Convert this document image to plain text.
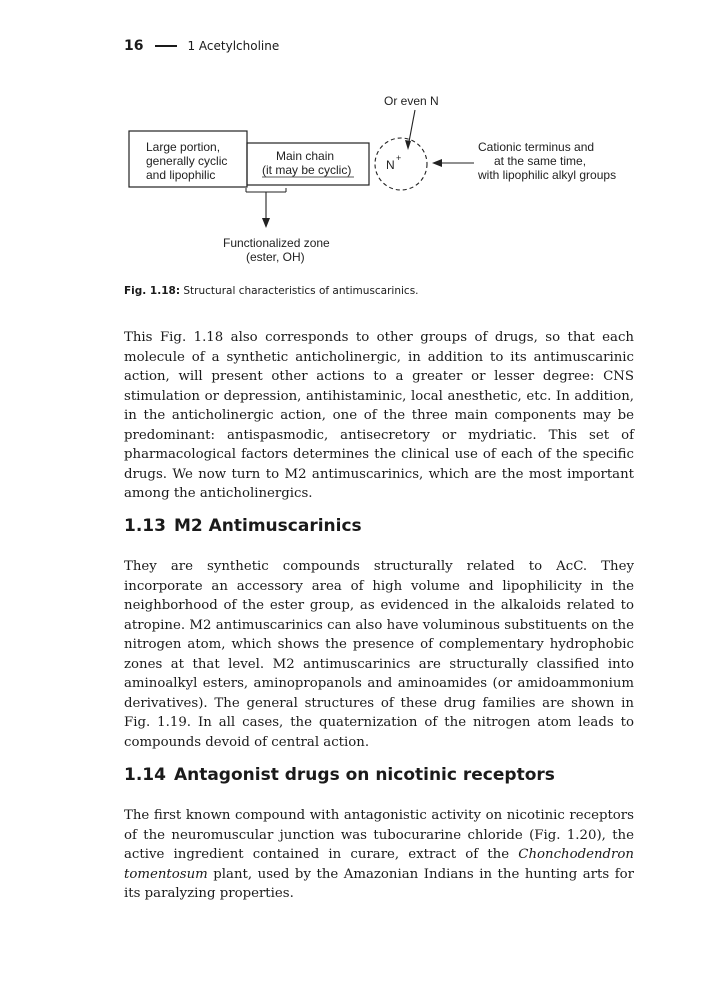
16	1 Acetylcholine
Large portion,
generally cyclic
and lipophilic
Main chain
(it may be cyclic)	N +
Or even N
Cationic terminus and
at the same time,
with lipophilic alkyl groups
Functionalized zone
(ester, OH)
Fig. 1.18: Structural characteristics of antimuscarinics.

This Fig. 1.18 also corresponds to other groups of drugs, so that each molecule of a synthetic anticholinergic, in addition to its antimuscarinic action, will present other actions to a greater or lesser degree: CNS stimulation or depression, antihistaminic, local anesthetic, etc. In addition, in the anticholinergic action, one of the three main components may be predominant: antispasmodic, antisecretory or mydriatic. This set of pharmacological factors determines the clinical use of each of the specific drugs. We now turn to M2 antimuscarinics, which are the most important among the anticholinergics.

1.13 M2 Antimuscarinics

They are synthetic compounds structurally related to AcC. They incorporate an accessory area of high volume and lipophilicity in the neighborhood of the ester group, as evidenced in the alkaloids related to atropine. M2 antimuscarinics can also have voluminous substituents on the nitrogen atom, which shows the presence of complementary hydrophobic zones at that level. M2 antimuscarinics are structurally classified into aminoalkyl esters, aminopropanols and aminoamides (or amidoammonium derivatives). The general structures of these drug families are shown in Fig. 1.19. In all cases, the quaternization of the nitrogen atom leads to compounds devoid of central action.

1.14 Antagonist drugs on nicotinic receptors

The first known compound with antagonistic activity on nicotinic receptors of the neuromuscular junction was tubocurarine chloride (Fig. 1.20), the active ingredient contained in curare, extract of the Chonchodendron tomentosum plant, used by the Amazonian Indians in the hunting arts for its paralyzing properties.
